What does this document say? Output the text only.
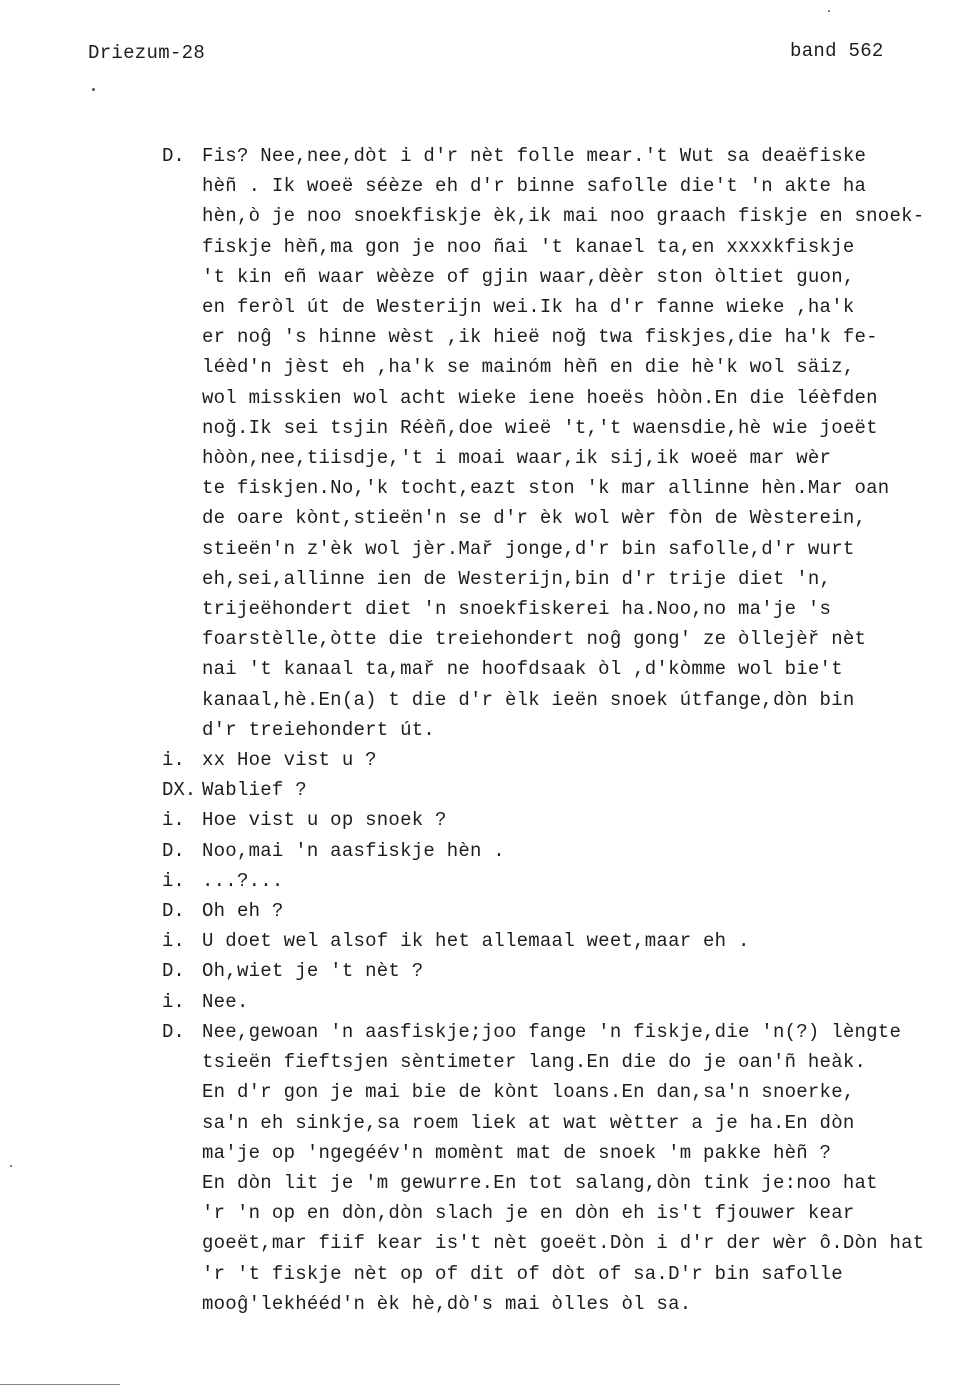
Driezum-28	band 562
D. Fis? Nee,nee,dòt i d'r nèt folle mear.'t Wut sa deaëfiske
hèñ . Ik woeë séèze eh d'r binne safolle die't 'n akte ha
hèn,ò je noo snoekfiskje èk,ik mai noo graach fiskje en snoek-
fiskje hèñ,ma gon je noo ñai 't kanael ta,en xxxxkfiskje
't kin eñ waar wèèze of gjin waar,dèèr ston òltiet guon,
en feròl út de Westerijn wei.Ik ha d'r fanne wieke ,ha'k
er noĝ 's hinne wèst ,ik hieë noğ twa fiskjes,die ha'k fe-
léèd'n jèst eh ,ha'k se mainóm hèñ en die hè'k wol säiz,
wol misskien wol acht wieke iene hoeës hòòn.En die léèfden
noğ.Ik sei tsjin Réèñ,doe wieë 't,'t waensdie,hè wie joeët
hòòn,nee,tiisdje,'t i moai waar,ik sij,ik woeë mar wèr
te fiskjen.No,'k tocht,eazt ston 'k mar allinne hèn.Mar oan
de oare kònt,stieën'n se d'r èk wol wèr fòn de Wèsterein,
stieën'n z'èk wol jèr.Mař jonge,d'r bin safolle,d'r wurt
eh,sei,allinne ien de Westerijn,bin d'r trije diet 'n,
trijeëhondert diet 'n snoekfiskerei ha.Noo,no ma'je 's
foarstèlle,òtte die treiehondert noĝ gong' ze òllejèř nèt
nai 't kanaal ta,mař ne hoofdsaak òl ,d'kòmme wol bie't
kanaal,hè.En(a) t die d'r èlk ieën snoek útfange,dòn bin
d'r treiehondert út.
i. xx Hoe vist u ?
DX. Wablief ?
i. Hoe vist u op snoek ?
D. Noo,mai 'n aasfiskje hèn .
i. ...?...
D. Oh eh ?
i. U doet wel alsof ik het allemaal weet,maar eh .
D. Oh,wiet je 't nèt ?
i. Nee.
D. Nee,gewoan 'n aasfiskje;joo fange 'n fiskje,die 'n(?) lèngte
tsieën fieftsjen sèntimeter lang.En die do je oan'ñ heàk.
En d'r gon je mai bie de kònt loans.En dan,sa'n snoerke,
sa'n eh sinkje,sa roem liek at wat wètter a je ha.En dòn
ma'je op 'ngegéév'n momènt mat de snoek 'm pakke hèñ ?
En dòn lit je 'm gewurre.En tot salang,dòn tink je:noo hat
'r 'n op en dòn,dòn slach je en dòn eh is't fjouwer kear
goeët,mar fiif kear is't nèt goeët.Dòn i d'r der wèr ô.Dòn hat
'r 't fiskje nèt op of dit of dòt of sa.D'r bin safolle
mooĝ'lekhééd'n èk hè,dò's mai òlles òl sa.
